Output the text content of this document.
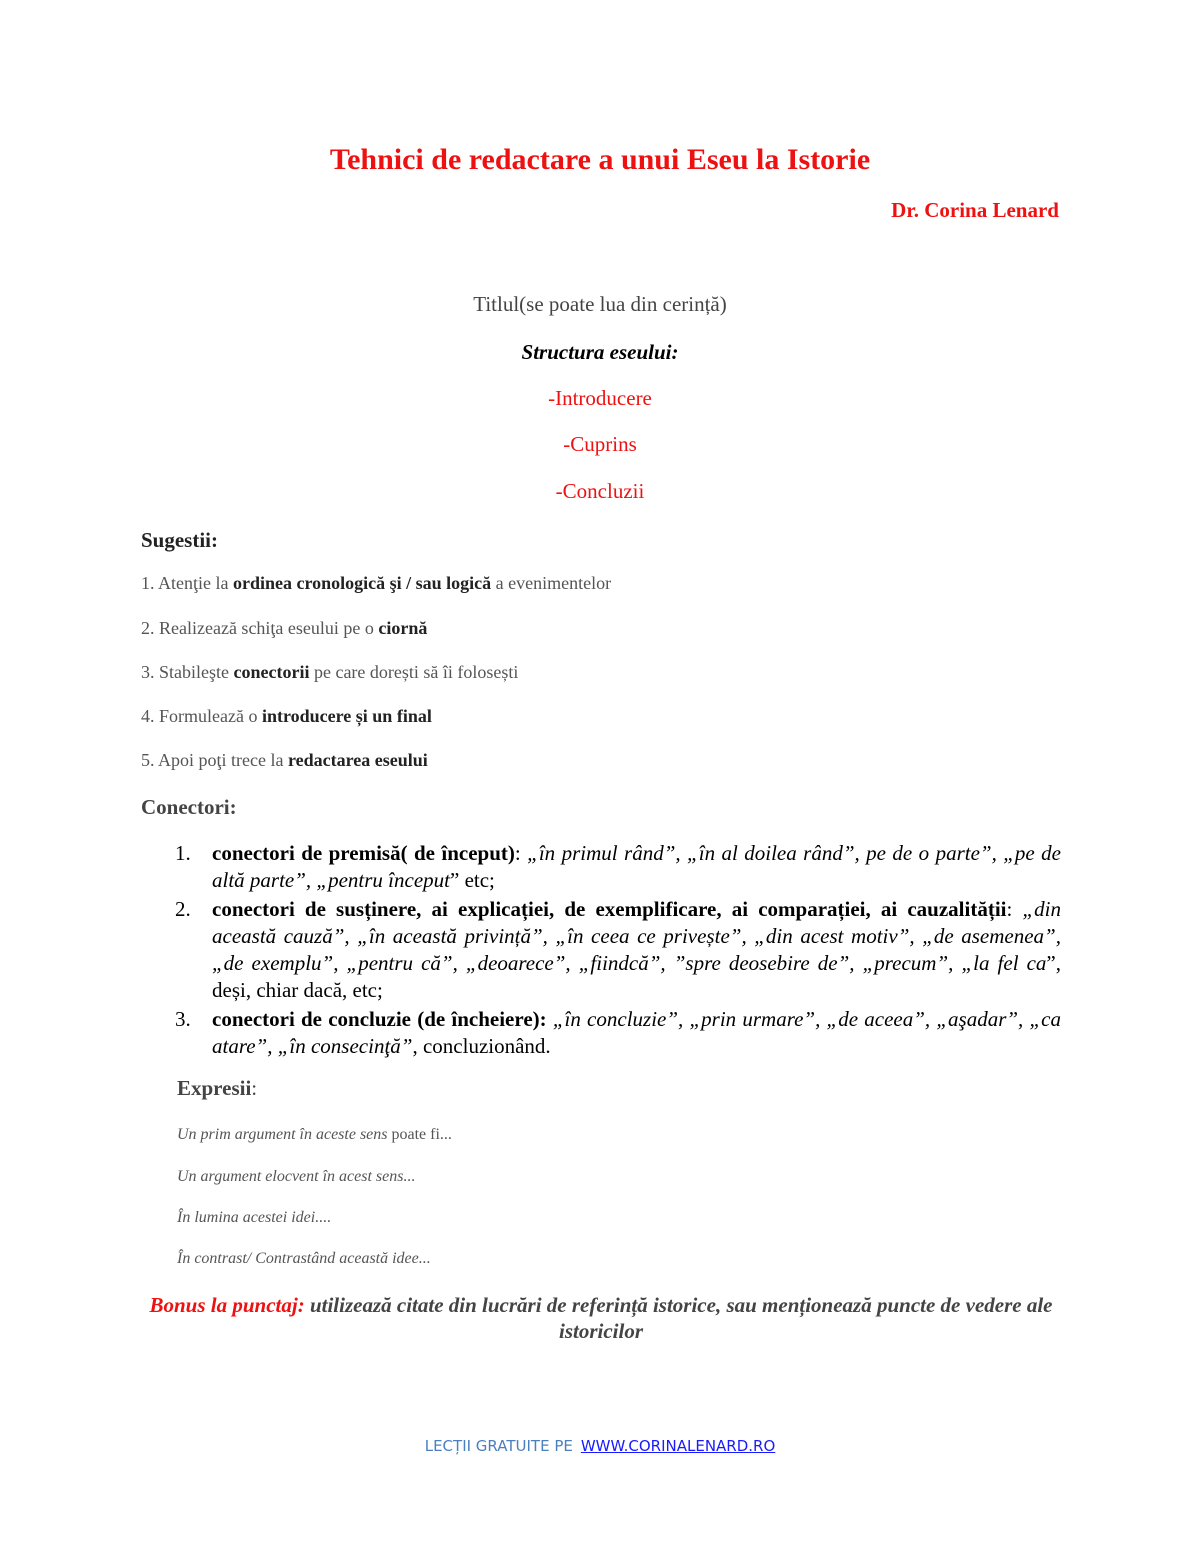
Tehnici de redactare a unui Eseu la Istorie
Dr. Corina Lenard
Titlul(se poate lua din cerință)
Structura eseului:
-Introducere
-Cuprins
-Concluzii
Sugestii:
1. Atenţie la ordinea cronologică şi / sau logică a evenimentelor
2. Realizează schiţa eseului pe o ciornă
3. Stabileşte conectorii pe care dorești să îi folosești
4. Formulează o introducere și un final
5. Apoi poţi trece la redactarea eseului
Conectori:
1. conectori de premisă( de început): „în primul rând”, „în al doilea rând”, pe de o parte”, „pe de altă parte”, „pentru început” etc;
2. conectori de susținere, ai explicației, de exemplificare, ai comparației, ai cauzalității: „din această cauză”, „în această privință”, „în ceea ce privește”, „din acest motiv”, „de asemenea”, „de exemplu”, „pentru că”, „deoarece”, „fiindcă”, ”spre deosebire de”, „precum”, „la fel ca”, deși, chiar dacă, etc;
3. conectori de concluzie (de încheiere): „în concluzie”, „prin urmare”, „de aceea”, „aşadar”, „ca atare”, „în consecinţă”, concluzionând.
Expresii:
Un prim argument în aceste sens poate fi...
Un argument elocvent în acest sens...
În lumina acestei idei....
În contrast/ Contrastând această idee...
Bonus la punctaj: utilizează citate din lucrări de referință istorice, sau menționează puncte de vedere ale istoricilor
LECȚII GRATUITE PE WWW.CORINALENARD.RO
